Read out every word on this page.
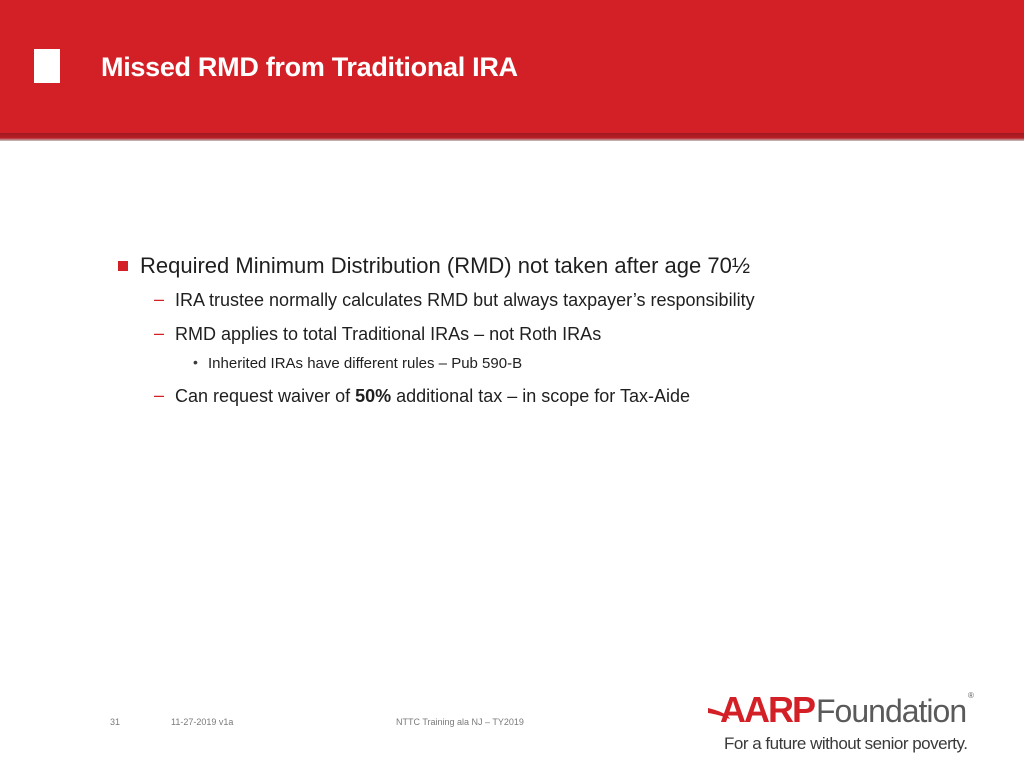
Missed RMD from Traditional IRA
Required Minimum Distribution (RMD) not taken after age 70½
– IRA trustee normally calculates RMD but always taxpayer’s responsibility
– RMD applies to total Traditional IRAs – not Roth IRAs
• Inherited IRAs have different rules – Pub 590-B
– Can request waiver of 50% additional tax – in scope for Tax-Aide
31	11-27-2019 v1a	NTTC Training ala NJ – TY2019	AARP Foundation ®
For a future without senior poverty.
